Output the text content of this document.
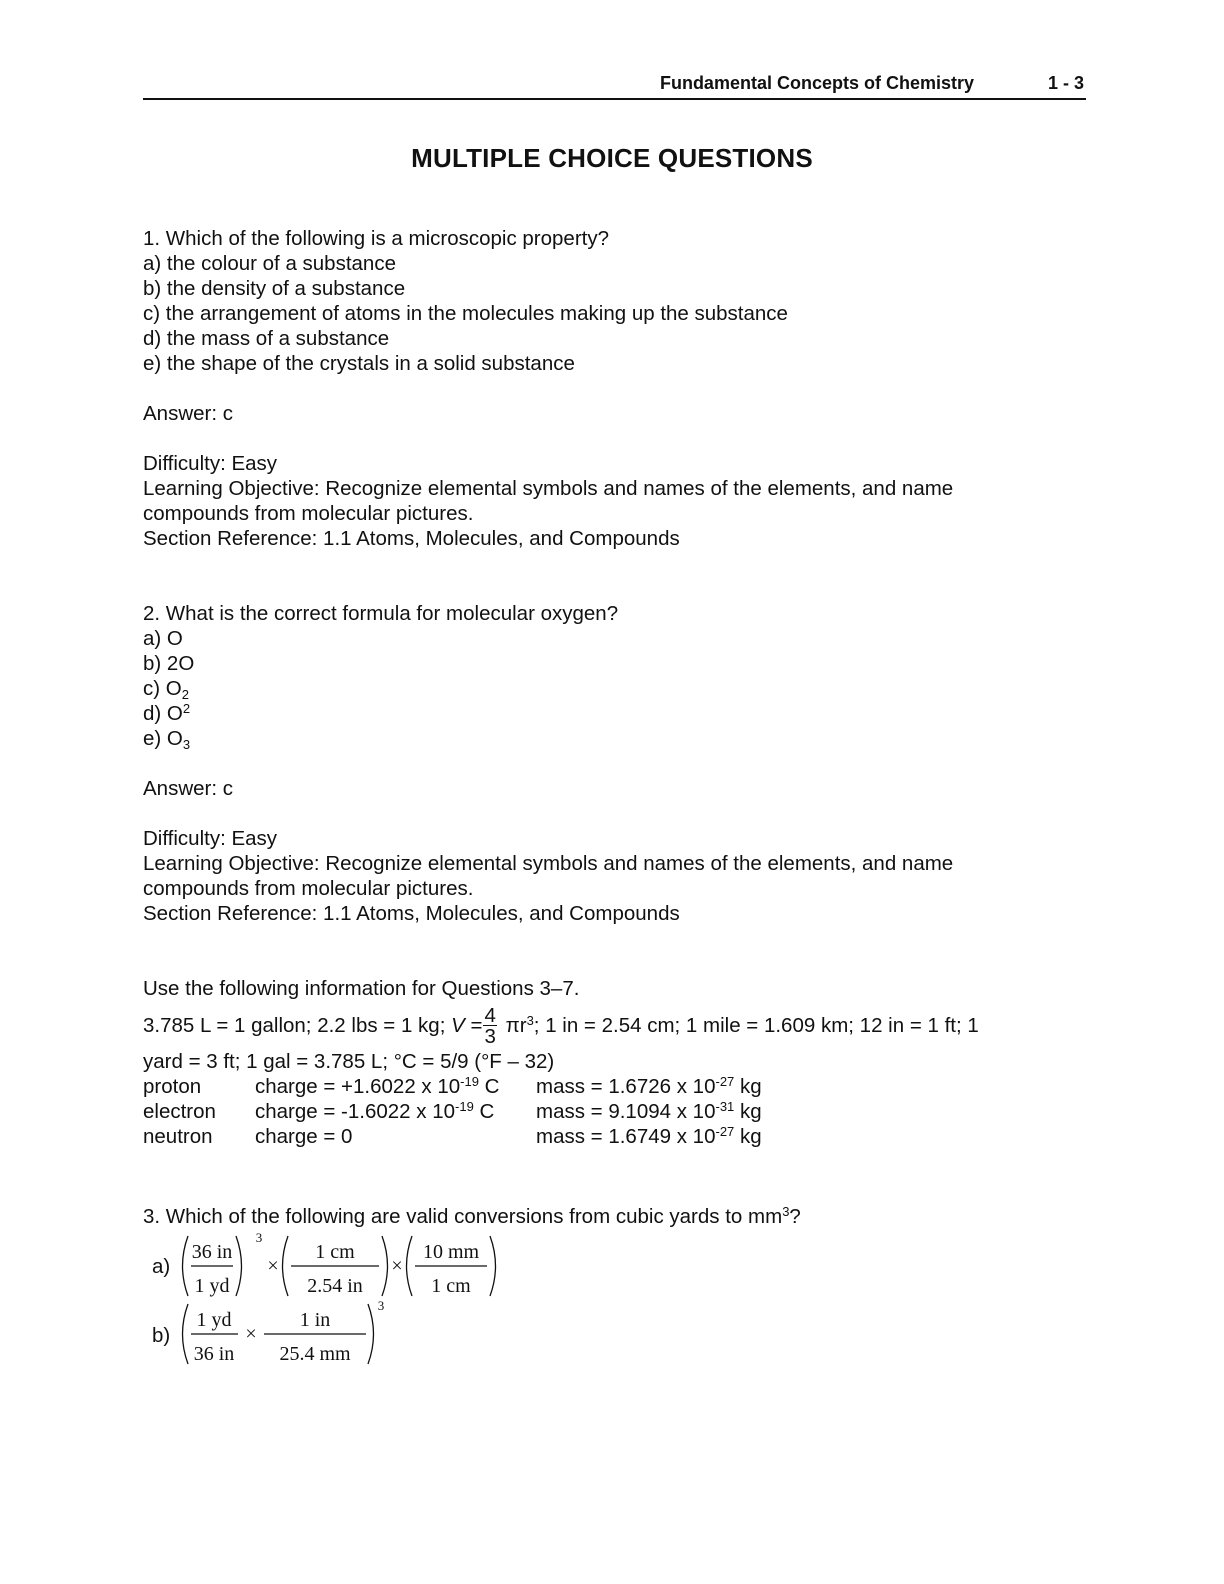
Fundamental Concepts of Chemistry	1 - 3
MULTIPLE CHOICE QUESTIONS
1. Which of the following is a microscopic property?
a) the colour of a substance
b) the density of a substance
c) the arrangement of atoms in the molecules making up the substance
d) the mass of a substance
e) the shape of the crystals in a solid substance
Answer: c
Difficulty: Easy
Learning Objective: Recognize elemental symbols and names of the elements, and name
compounds from molecular pictures.
Section Reference: 1.1 Atoms, Molecules, and Compounds
2. What is the correct formula for molecular oxygen?
a) O
b) 2O
c) $O_2$
d) $O^2$
e) $O_3$
Answer: c
Difficulty: Easy
Learning Objective: Recognize elemental symbols and names of the elements, and name
compounds from molecular pictures.
Section Reference: 1.1 Atoms, Molecules, and Compounds
Use the following information for Questions 3–7.
3.785 L = 1 gallon; 2.2 lbs = 1 kg; $V = \frac{4}{3} \pi r^3$; 1 in = 2.54 cm; 1 mile = 1.609 km; 12 in = 1 ft; 1
yard = 3 ft; 1 gal = 3.785 L; °C = 5/9 (°F – 32)
proton	charge = +1.6022 x $10^{-19}$ C mass = 1.6726 x $10^{-27}$ kg
electron charge = -1.6022 x $10^{-19}$ C mass = 9.1094 x $10^{-31}$ kg
neutron charge = 0	mass = 1.6749 x $10^{-27}$ kg
3. Which of the following are valid conversions from cubic yards to $mm^3$?
a)
36 in
1 yd
3
×
1 cm
2.54 in
×
10 mm
1 cm
b)
1 yd
36 in
×
1 in
25.4 mm
3
